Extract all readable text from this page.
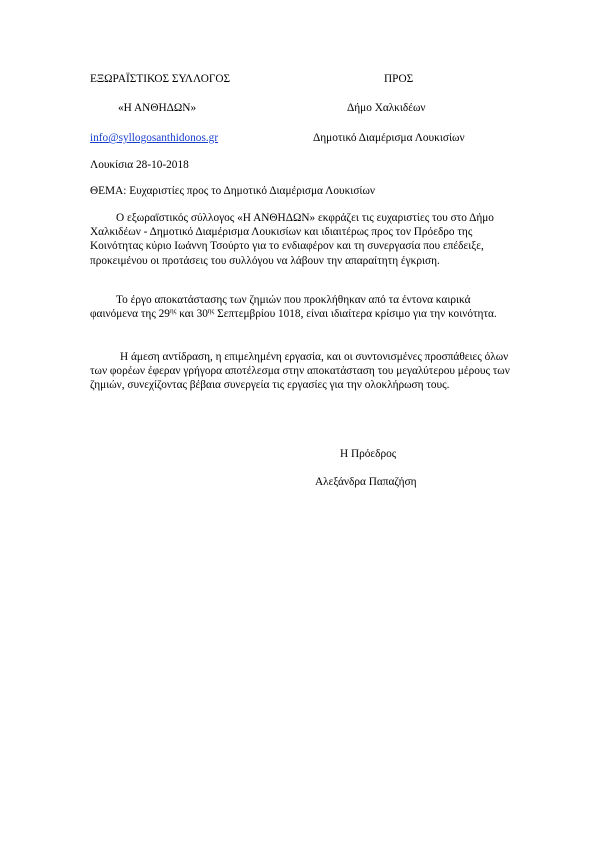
ΕΞΩΡΑΪΣΤΙΚΟΣ ΣΥΛΛΟΓΟΣ
«Η ΑΝΘΗΔΩΝ»
info@syllogosanthidonos.gr
Λουκίσια 28-10-2018
ΠΡΟΣ
Δήμο Χαλκιδέων
Δημοτικό Διαμέρισμα Λουκισίων
ΘΕΜΑ: Ευχαριστίες προς το Δημοτικό Διαμέρισμα Λουκισίων
Ο εξωραϊστικός σύλλογος «Η ΑΝΘΗΔΩΝ» εκφράζει τις ευχαριστίες του στο Δήμο Χαλκιδέων - Δημοτικό Διαμέρισμα Λουκισίων και ιδιαιτέρως προς τον Πρόεδρο της Κοινότητας κύριο Ιωάννη Τσούρτο για το ενδιαφέρον και τη συνεργασία που επέδειξε, προκειμένου οι προτάσεις του συλλόγου να λάβουν την απαραίτητη έγκριση.
Το έργο αποκατάστασης των ζημιών που προκλήθηκαν από τα έντονα καιρικά φαινόμενα της $29^{\eta\varsigma}$ και $30^{\eta\varsigma}$ Σεπτεμβρίου 1018, είναι ιδιαίτερα κρίσιμο για την κοινότητα.
Η άμεση αντίδραση, η επιμελημένη εργασία, και οι συντονισμένες προσπάθειες όλων των φορέων έφεραν γρήγορα αποτέλεσμα στην αποκατάσταση του μεγαλύτερου μέρους των ζημιών, συνεχίζοντας βέβαια συνεργεία τις εργασίες για την ολοκλήρωση τους.
Η Πρόεδρος
Αλεξάνδρα Παπαζήση
